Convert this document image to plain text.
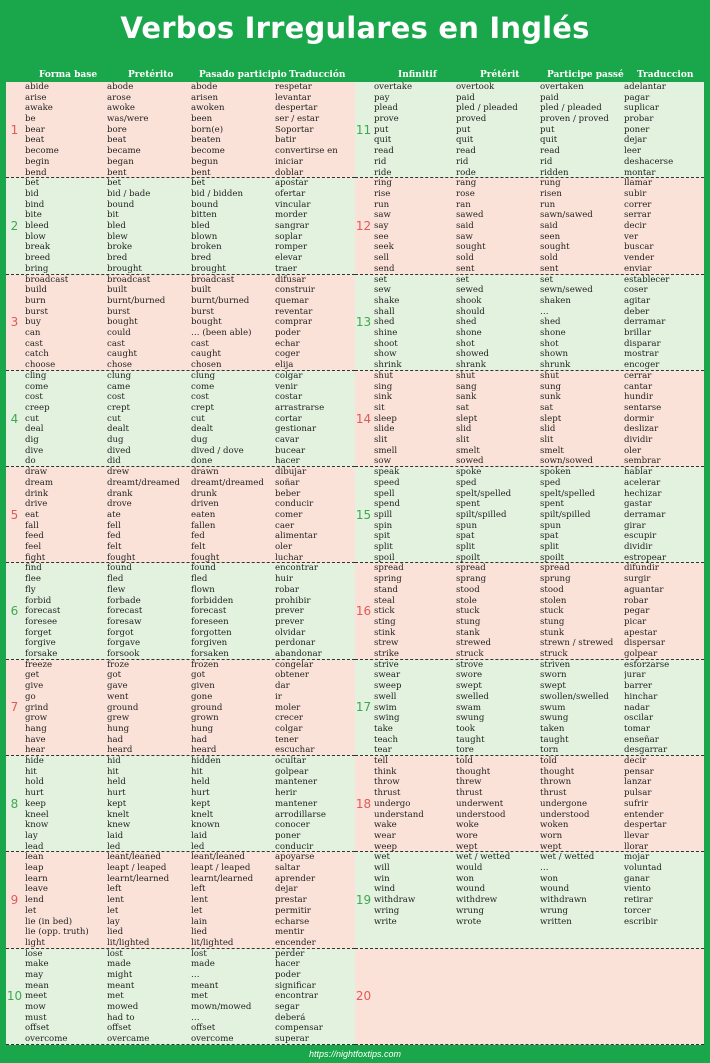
Verbos Irregulares en Inglés
Forma base	Pretérito	Pasado participio Traducción
1
abide	abode	abode	respetar
arise	arose	arisen	levantar
awake	awoke	awoken	despertar
be	was/were	been	ser / estar
bear	bore	born(e)	Soportar
beat	beat	beaten	batir
become	became	become	convertirse en
begin	began	begun	iniciar
bend	bent	bent	doblar
2
bet	bet	bet	apostar
bid	bid / bade	bid / bidden	ofertar
bind	bound	bound	vincular
bite	bit	bitten	morder
bleed	bled	bled	sangrar
blow	blew	blown	soplar
break	broke	broken	romper
breed	bred	bred	elevar
bring	brought	brought	traer
3
broadcast	broadcast	broadcast	difusar
build	built	built	construir
burn	burnt/burned	burnt/burned	quemar
burst	burst	burst	reventar
buy	bought	bought	comprar
can	could	… (been able)	poder
cast	cast	cast	echar
catch	caught	caught	coger
choose	chose	chosen	elija
4
cling	clung	clung	colgar
come	came	come	venir
cost	cost	cost	costar
creep	crept	crept	arrastrarse
cut	cut	cut	cortar
deal	dealt	dealt	gestionar
dig	dug	dug	cavar
dive	dived	dived / dove	bucear
do	did	done	hacer
5
draw	drew	drawn	dibujar
dream	dreamt/dreamed	dreamt/dreamed	soñar
drink	drank	drunk	beber
drive	drove	driven	conducir
eat	ate	eaten	comer
fall	fell	fallen	caer
feed	fed	fed	alimentar
feel	felt	felt	oler
fight	fought	fought	luchar
6
find	found	found	encontrar
flee	fled	fled	huir
fly	flew	flown	robar
forbid	forbade	forbidden	prohibir
forecast	forecast	forecast	prever
foresee	foresaw	foreseen	prever
forget	forgot	forgotten	olvidar
forgive	forgave	forgiven	perdonar
forsake	forsook	forsaken	abandonar
7
freeze	froze	frozen	congelar
get	got	got	obtener
give	gave	given	dar
go	went	gone	ir
grind	ground	ground	moler
grow	grew	grown	crecer
hang	hung	hung	colgar
have	had	had	tener
hear	heard	heard	escuchar
8
hide	hid	hidden	ocultar
hit	hit	hit	golpear
hold	held	held	mantener
hurt	hurt	hurt	herir
keep	kept	kept	mantener
kneel	knelt	knelt	arrodillarse
know	knew	known	conocer
lay	laid	laid	poner
lead	led	led	conducir
9
lean	leant/leaned	leant/leaned	apoyarse
leap	leapt / leaped	leapt / leaped	saltar
learn	learnt/learned	learnt/learned	aprender
leave	left	left	dejar
lend	lent	lent	prestar
let	let	let	permitir
lie (in bed)	lay	lain	echarse
lie (opp. truth)	lied	lied	mentir
light	lit/lighted	lit/lighted	encender
10
lose	lost	lost	perder
make	made	made	hacer
may	might	…	poder
mean	meant	meant	significar
meet	met	met	encontrar
mow	mowed	mown/mowed	segar
must	had to	…	deberá
offset	offset	offset	compensar
overcome	overcame	overcome	superar
Infinitif	Prétérit	Participe passé Traduccion
11
overtake	overtook	overtaken	adelantar
pay	paid	paid	pagar
plead	pled / pleaded	pled / pleaded	suplicar
prove	proved	proven / proved	probar
put	put	put	poner
quit	quit	quit	dejar
read	read	read	leer
rid	rid	rid	deshacerse
ride	rode	ridden	montar
12
ring	rang	rung	llamar
rise	rose	risen	subir
run	ran	run	correr
saw	sawed	sawn/sawed	serrar
say	said	said	decir
see	saw	seen	ver
seek	sought	sought	buscar
sell	sold	sold	vender
send	sent	sent	enviar
13
set	set	set	establecer
sew	sewed	sewn/sewed	coser
shake	shook	shaken	agitar
shall	should	…	deber
shed	shed	shed	derramar
shine	shone	shone	brillar
shoot	shot	shot	disparar
show	showed	shown	mostrar
shrink	shrank	shrunk	encoger
14
shut	shut	shut	cerrar
sing	sang	sung	cantar
sink	sank	sunk	hundir
sit	sat	sat	sentarse
sleep	slept	slept	dormir
slide	slid	slid	deslizar
slit	slit	slit	dividir
smell	smelt	smelt	oler
sow	sowed	sown/sowed	sembrar
15
speak	spoke	spoken	hablar
speed	sped	sped	acelerar
spell	spelt/spelled	spelt/spelled	hechizar
spend	spent	spent	gastar
spill	spilt/spilled	spilt/spilled	derramar
spin	spun	spun	girar
spit	spat	spat	escupir
split	split	split	dividir
spoil	spoilt	spoilt	estropear
16
spread	spread	spread	difundir
spring	sprang	sprung	surgir
stand	stood	stood	aguantar
steal	stole	stolen	robar
stick	stuck	stuck	pegar
sting	stung	stung	picar
stink	stank	stunk	apestar
strew	strewed	strewn / strewed	dispersar
strike	struck	struck	golpear
17
strive	strove	striven	esforzarse
swear	swore	sworn	jurar
sweep	swept	swept	barrer
swell	swelled	swollen/swelled	hinchar
swim	swam	swum	nadar
swing	swung	swung	oscilar
take	took	taken	tomar
teach	taught	taught	enseñar
tear	tore	torn	desgarrar
18
tell	told	told	decir
think	thought	thought	pensar
throw	threw	thrown	lanzar
thrust	thrust	thrust	pulsar
undergo	underwent	undergone	sufrir
understand	understood	understood	entender
wake	woke	woken	despertar
wear	wore	worn	llevar
weep	wept	wept	llorar
19
wet	wet / wetted	wet / wetted	mojar
will	would	…	voluntad
win	won	won	ganar
wind	wound	wound	viento
withdraw	withdrew	withdrawn	retirar
wring	wrung	wrung	torcer
write	wrote	written	escribir
20
https://nightfoxtips.com
